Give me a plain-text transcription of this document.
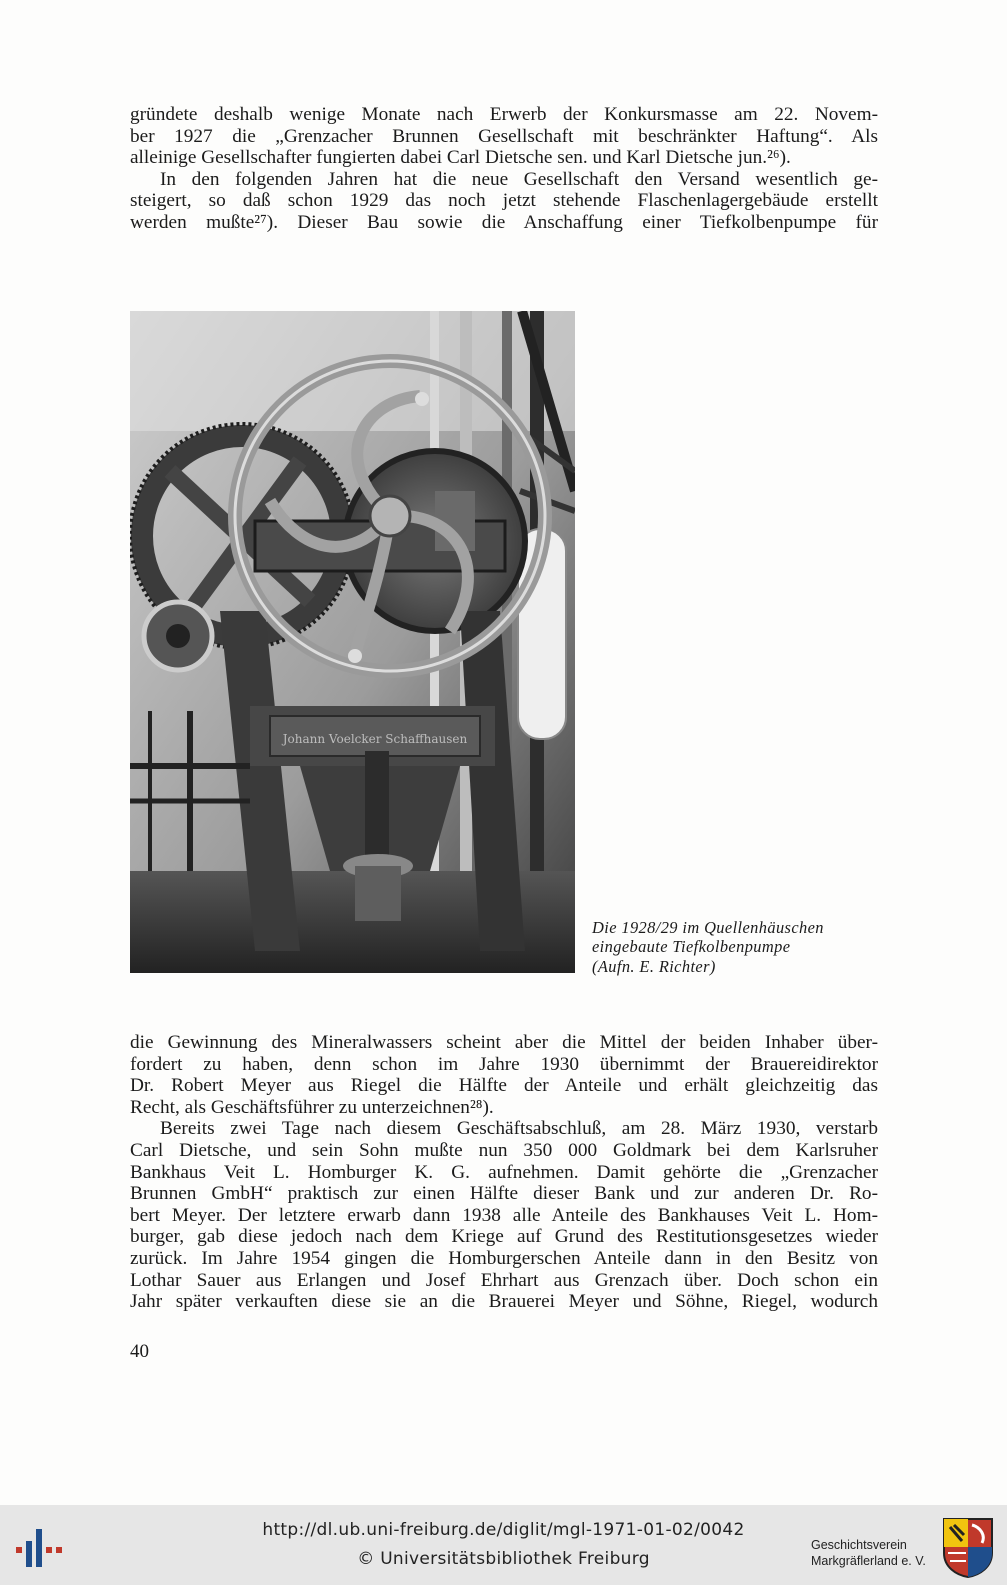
gründete deshalb wenige Monate nach Erwerb der Konkursmasse am 22. Novem-
ber 1927 die „Grenzacher Brunnen Gesellschaft mit beschränkter Haftung“. Als
alleinige Gesellschafter fungierten dabei Carl Dietsche sen. und Karl Dietsche jun.²⁶).
In den folgenden Jahren hat die neue Gesellschaft den Versand wesentlich ge-
steigert, so daß schon 1929 das noch jetzt stehende Flaschenlagergebäude erstellt
werden mußte²⁷). Dieser Bau sowie die Anschaffung einer Tiefkolbenpumpe für
Johann Voelcker Schaffhausen
Die 1928/29 im Quellenhäuschen
eingebaute Tiefkolbenpumpe
(Aufn. E. Richter)
die Gewinnung des Mineralwassers scheint aber die Mittel der beiden Inhaber über-
fordert zu haben, denn schon im Jahre 1930 übernimmt der Brauereidirektor
Dr. Robert Meyer aus Riegel die Hälfte der Anteile und erhält gleichzeitig das
Recht, als Geschäftsführer zu unterzeichnen²⁸).
Bereits zwei Tage nach diesem Geschäftsabschluß, am 28. März 1930, verstarb
Carl Dietsche, und sein Sohn mußte nun 350 000 Goldmark bei dem Karlsruher
Bankhaus Veit L. Homburger K. G. aufnehmen. Damit gehörte die „Grenzacher
Brunnen GmbH“ praktisch zur einen Hälfte dieser Bank und zur anderen Dr. Ro-
bert Meyer. Der letztere erwarb dann 1938 alle Anteile des Bankhauses Veit L. Hom-
burger, gab diese jedoch nach dem Kriege auf Grund des Restitutionsgesetzes wieder
zurück. Im Jahre 1954 gingen die Homburgerschen Anteile dann in den Besitz von
Lothar Sauer aus Erlangen und Josef Ehrhart aus Grenzach über. Doch schon ein
Jahr später verkauften diese sie an die Brauerei Meyer und Söhne, Riegel, wodurch
40
http://dl.ub.uni-freiburg.de/diglit/mgl-1971-01-02/0042
© Universitätsbibliothek Freiburg
Geschichtsverein
Markgräflerland e. V.
